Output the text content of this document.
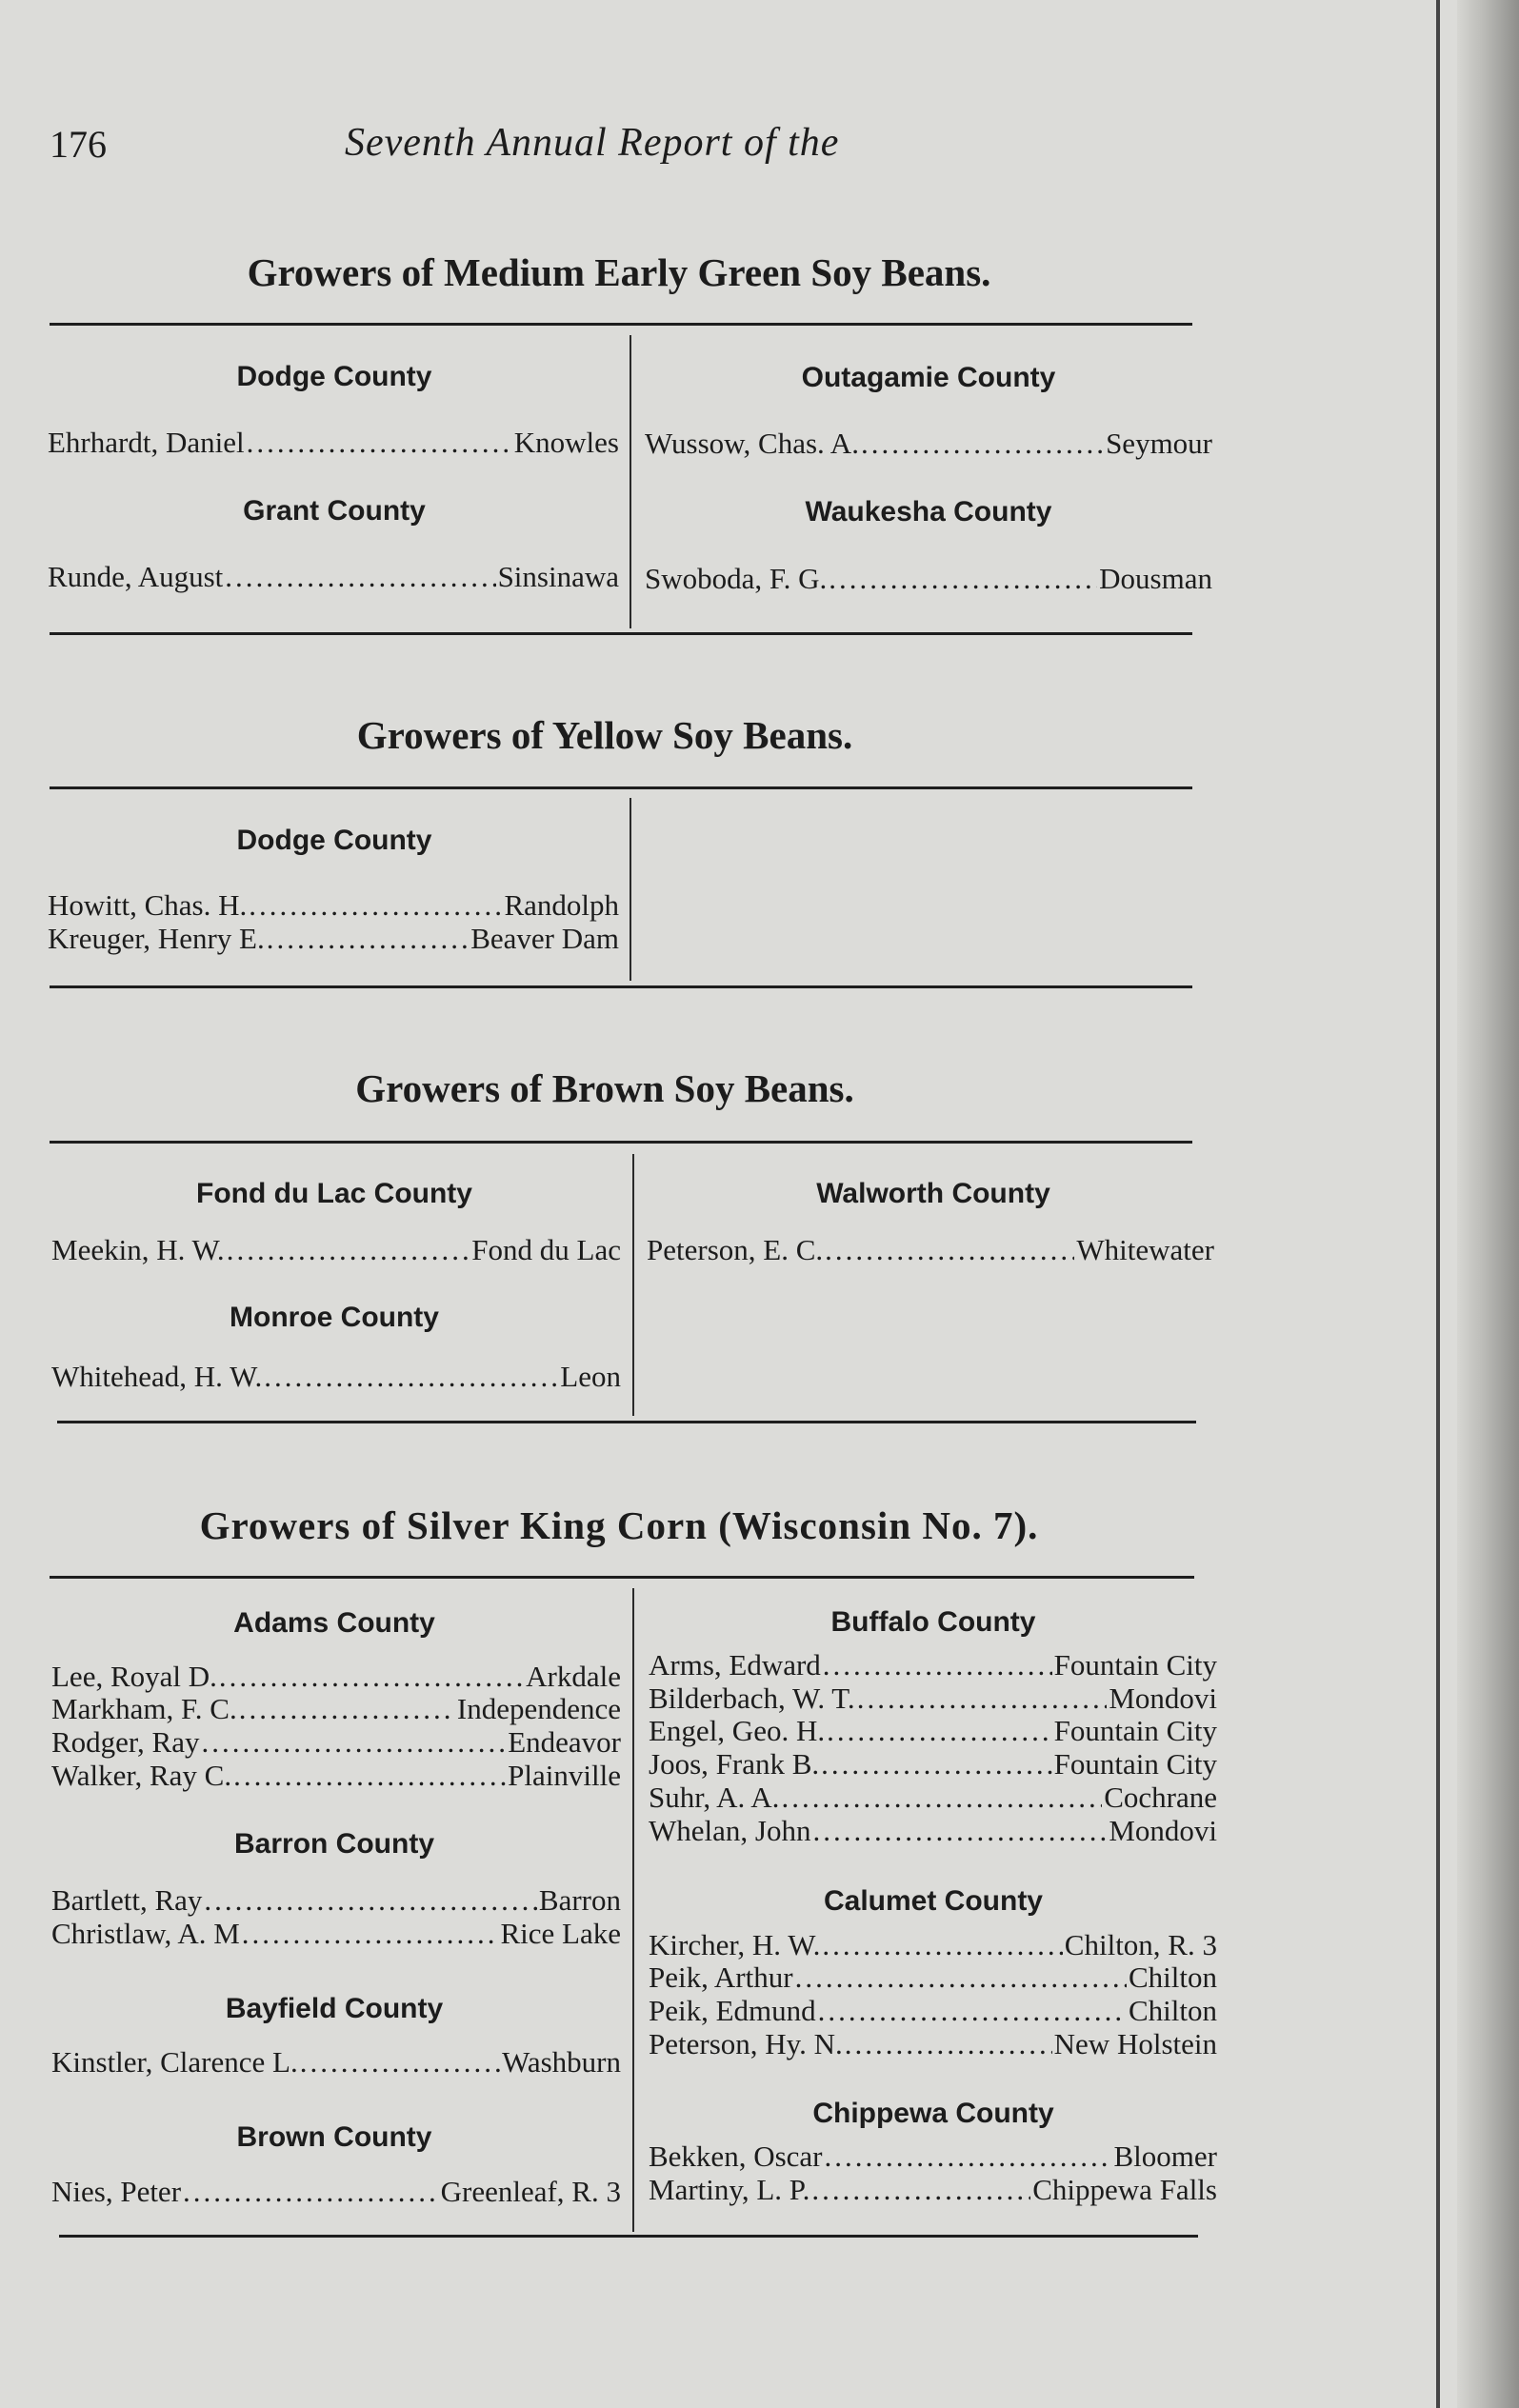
176	Seventh Annual Report of the
Growers of Medium Early Green Soy Beans.
Dodge County
Ehrhardt, Daniel .....	Knowles
Grant County
Runde, August .....	Sinsinawa
Outagamie County
Wussow, Chas. A. .....	Seymour
Waukesha County
Swoboda, F. G. .....	Dousman
Growers of Yellow Soy Beans.
Dodge County
Howitt, Chas. H. .....	Randolph
Kreuger, Henry E. .....	Beaver Dam
Growers of Brown Soy Beans.
Fond du Lac County
Meekin, H. W. .....	Fond du Lac
Monroe County
Whitehead, H. W. .....	Leon
Walworth County
Peterson, E. C. .....	Whitewater
Growers of Silver King Corn (Wisconsin No. 7).
Adams County
Lee, Royal D. .....	Arkdale
Markham, F. C. .....	Independence
Rodger, Ray .....	Endeavor
Walker, Ray C. .....	Plainville
Barron County
Bartlett, Ray .....	Barron
Christlaw, A. M .....	Rice Lake
Bayfield County
Kinstler, Clarence L. .....	Washburn
Brown County
Nies, Peter .....	Greenleaf, R. 3
Buffalo County
Arms, Edward .....	Fountain City
Bilderbach, W. T. .....	Mondovi
Engel, Geo. H. .....	Fountain City
Joos, Frank B. .....	Fountain City
Suhr, A. A. .....	Cochrane
Whelan, John .....	Mondovi
Calumet County
Kircher, H. W. .....	Chilton, R. 3
Peik, Arthur .....	Chilton
Peik, Edmund .....	Chilton
Peterson, Hy. N. .....	New Holstein
Chippewa County
Bekken, Oscar .....	Bloomer
Martiny, L. P. .....	Chippewa Falls
